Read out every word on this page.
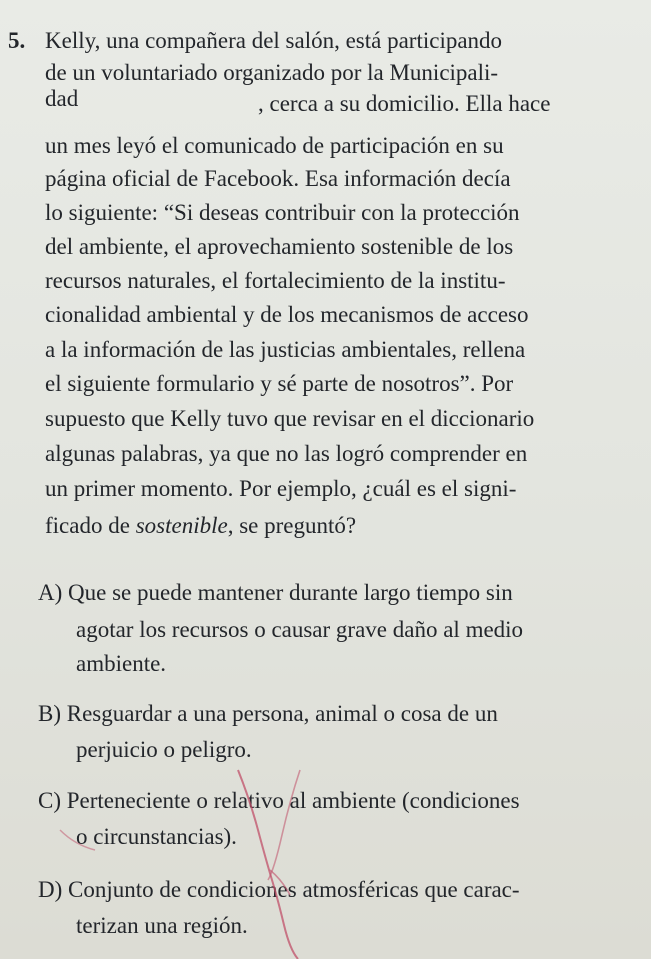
5. Kelly, una compañera del salón, está participando
de un voluntariado organizado por la Municipali-
dad	, cerca a su domicilio. Ella hace
un mes leyó el comunicado de participación en su
página oficial de Facebook. Esa información decía
lo siguiente: “Si deseas contribuir con la protección
del ambiente, el aprovechamiento sostenible de los
recursos naturales, el fortalecimiento de la institu-
cionalidad ambiental y de los mecanismos de acceso
a la información de las justicias ambientales, rellena
el siguiente formulario y sé parte de nosotros”. Por
supuesto que Kelly tuvo que revisar en el diccionario
algunas palabras, ya que no las logró comprender en
un primer momento. Por ejemplo, ¿cuál es el signi-
ficado de sostenible, se preguntó?
A) Que se puede mantener durante largo tiempo sin
agotar los recursos o causar grave daño al medio
ambiente.
B) Resguardar a una persona, animal o cosa de un
perjuicio o peligro.
C) Perteneciente o relativo al ambiente (condiciones
o circunstancias).
D) Conjunto de condiciones atmosféricas que carac-
terizan una región.
